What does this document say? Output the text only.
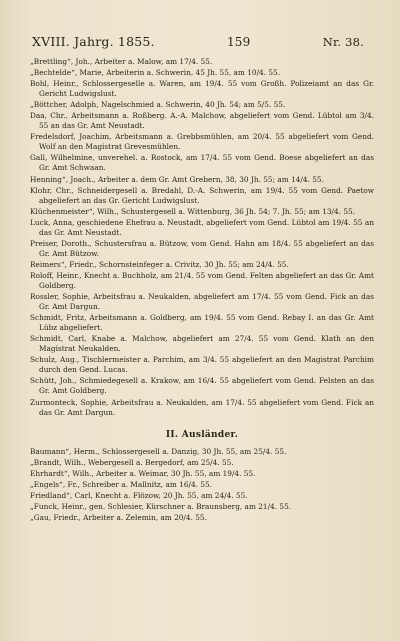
XVIII. Jahrg. 1855.	159	Nr. 38.

„Brettling“, Joh., Arbeiter a. Malow, am 17/4. 55.

„Bechtelde“, Marie, Arbeiterin a. Schwerin, 45 Jh. 55, am 10/4. 55.

Bohl, Heinr., Schlossergeselle a. Waren, am 19/4. 55 vom Großh. Polizeiamt an das Gr. Gericht Ludwigslust.

„Böttcher, Adolph, Nagelschmied a. Schwerin, 40 Jh. 54; am 5/5. 55.

Daa, Chr., Arbeitsmann a. Roßberg. A.-A. Malchow, abgeliefert vom Gend. Lübtol am 3/4. 55 an das Gr. Amt Neustadt.

Fredelsdorf, Joachim, Arbeitsmann a. Grebbsmühlen, am 20/4. 55 abgeliefert vom Gend. Wolf an den Magistrat Grevesmühlen.

Gall, Wilhelmine, unverehel. a. Rostock, am 17/4. 55 vom Gend. Boese abgeliefert an das Gr. Amt Schwaan.

Henning“, Joach., Arbeiter a. dem Gr. Amt Grebern, 38, 30 Jh. 55; am 14/4. 55.

Klohr, Chr., Schneidergesell a. Bredahl, D.-A. Schwerin, am 19/4. 55 vom Gend. Paetow abgeliefert an das Gr. Gericht Ludwigslust.

Klüchenmeister“, Wilh., Schustergesell a. Wittenburg, 36 Jh. 54; 7. Jh. 55; am 13/4. 55.

Luck, Anna, geschiedene Ehefrau a. Neustadt, abgeliefert vom Gend. Lübtol am 19/4. 55 an das Gr. Amt Neustadt.

Preiser, Doroth., Schustersfrau a. Bützow, vom Gend. Hahn am 18/4. 55 abgeliefert an das Gr. Amt Bützow.

Reimers“, Friedr., Schornsteinfeger a. Crivitz, 30 Jh. 55; am 24/4. 55.

Roloff, Heinr., Knecht a. Buchholz, am 21/4. 55 vom Gend. Felten abgeliefert an das Gr. Amt Goldberg.

Rossler, Sophie, Arbeitsfrau a. Neukalden, abgeliefert am 17/4. 55 vom Gend. Fick an das Gr. Amt Dargun.

Schmidt, Fritz, Arbeitsmann a. Goldberg, am 19/4. 55 vom Gend. Rebay I. an das Gr. Amt Lübz abgeliefert.

Schmidt, Carl, Knabe a. Malchow, abgeliefert am 27/4. 55 vom Gend. Klath an den Magistrat Neukalden.

Schulz, Aug., Tischlermeister a. Parchim, am 3/4. 55 abgeliefert an den Magistrat Parchim durch den Gend. Lucas.

Schütt, Joh., Schmiedegesell a. Krakow, am 16/4. 55 abgeliefert vom Gend. Felsten an das Gr. Amt Goldberg.

Zurmonteck, Sophie, Arbeitsfrau a. Neukalden, am 17/4. 55 abgeliefert vom Gend. Fick an das Gr. Amt Dargun.

II. Ausländer.

Baumann“, Herm., Schlossergesell a. Danzig, 30 Jh. 55, am 25/4. 55.

„Brandt, Wilh., Webergesell a. Bergedorf, am 25/4. 55.

Ehrhardt“, Wilh., Arbeiter a. Weimar, 30 Jh. 55, am 19/4. 55.

„Engels“, Fr., Schreiber a. Mallnitz, am 16/4. 55.

Friedland“, Carl, Knecht a. Flözow, 20 Jh. 55, am 24/4. 55.

„Funck, Heinr., gen. Schlesier, Kürschner a. Braunsberg, am 21/4. 55.

„Gau, Friedr., Arbeiter a. Zelemin, am 20/4. 55.
